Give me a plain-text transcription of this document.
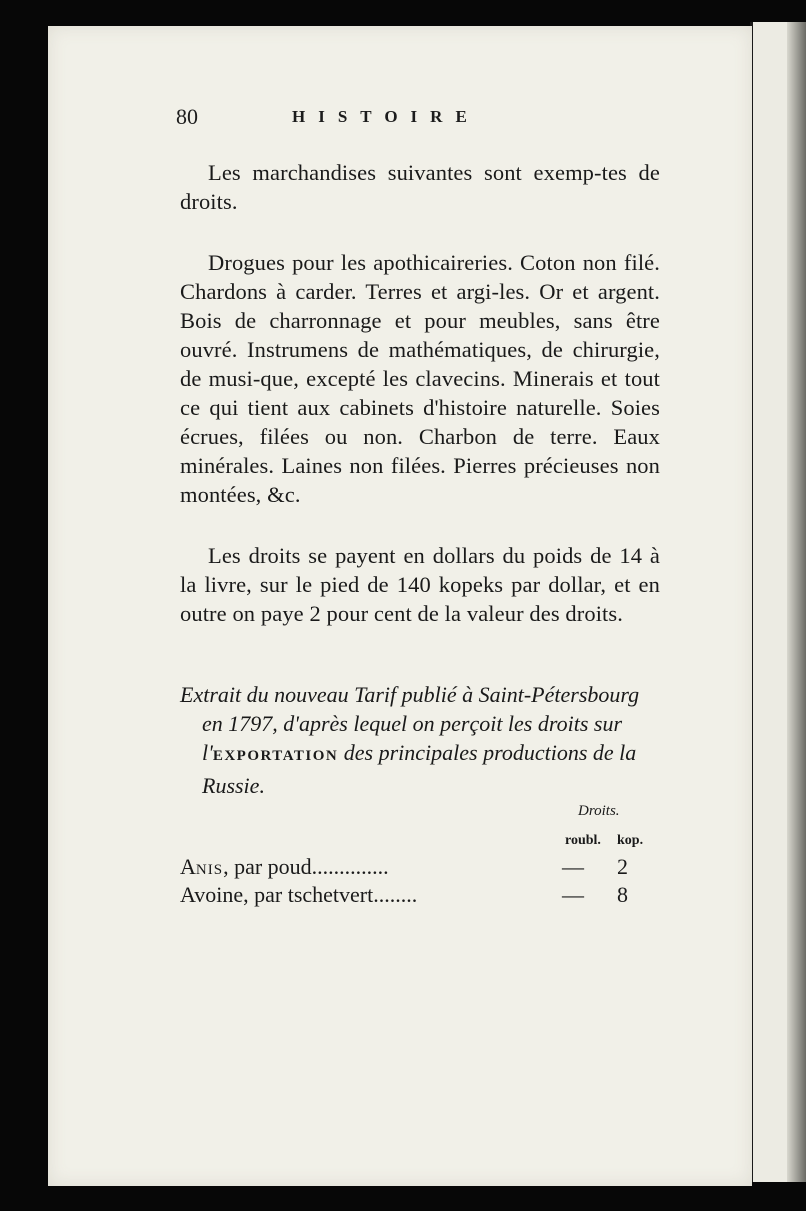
80	HISTOIRE

Les marchandises suivantes sont exemp-tes de droits.

Drogues pour les apothicaireries. Coton non filé. Chardons à carder. Terres et argi-les. Or et argent. Bois de charronnage et pour meubles, sans être ouvré. Instrumens de mathématiques, de chirurgie, de musi-que, excepté les clavecins. Minerais et tout ce qui tient aux cabinets d'histoire naturelle. Soies écrues, filées ou non. Charbon de terre. Eaux minérales. Laines non filées. Pierres précieuses non montées, &c.

Les droits se payent en dollars du poids de 14 à la livre, sur le pied de 140 kopeks par dollar, et en outre on paye 2 pour cent de la valeur des droits.

Extrait du nouveau Tarif publié à Saint-Pétersbourg en 1797, d'après lequel on perçoit les droits sur l'EXPORTATION des principales productions de la Russie.

Droits.
roubl. kop.
ANIS, par poud..............	— 2
Avoine, par tschetvert........	— 8
